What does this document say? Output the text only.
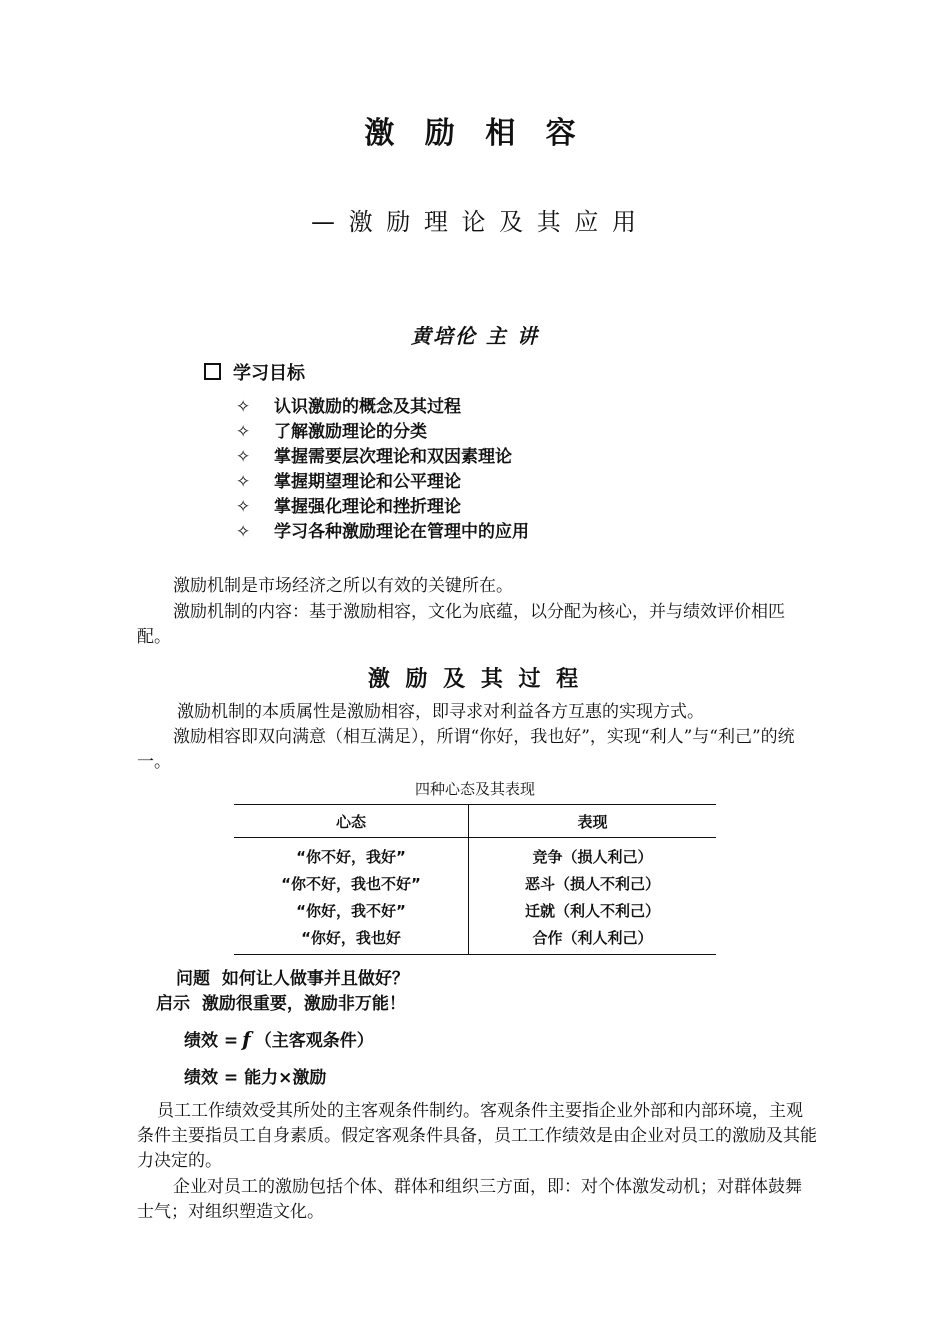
激 励 相 容
— 激 励 理 论 及 其 应 用
黄培伦 主 讲
学习目标
✧ 认识激励的概念及其过程
✧ 了解激励理论的分类
✧ 掌握需要层次理论和双因素理论
✧ 掌握期望理论和公平理论
✧ 掌握强化理论和挫折理论
✧ 学习各种激励理论在管理中的应用
激励机制是市场经济之所以有效的关键所在。
激励机制的内容：基于激励相容，文化为底蕴，以分配为核心，并与绩效评价相匹配。
激 励 及 其 过 程
激励机制的本质属性是激励相容，即寻求对利益各方互惠的实现方式。
激励相容即双向满意（相互满足），所谓“你好，我也好”，实现“利人”与“利己”的统一。
四种心态及其表现
心态	表现
“你不好，我好”	竞争（损人利己）
“你不好，我也不好”	恶斗（损人不利己）
“你好，我不好”	迁就（利人不利己）
“你好，我也好	合作（利人利己）
问题 如何让人做事并且做好？
启示 激励很重要，激励非万能！
绩效 = f （主客观条件）
绩效 = 能力×激励
员工工作绩效受其所处的主客观条件制约。客观条件主要指企业外部和内部环境，主观条件主要指员工自身素质。假定客观条件具备，员工工作绩效是由企业对员工的激励及其能力决定的。
企业对员工的激励包括个体、群体和组织三方面，即：对个体激发动机；对群体鼓舞士气；对组织塑造文化。
